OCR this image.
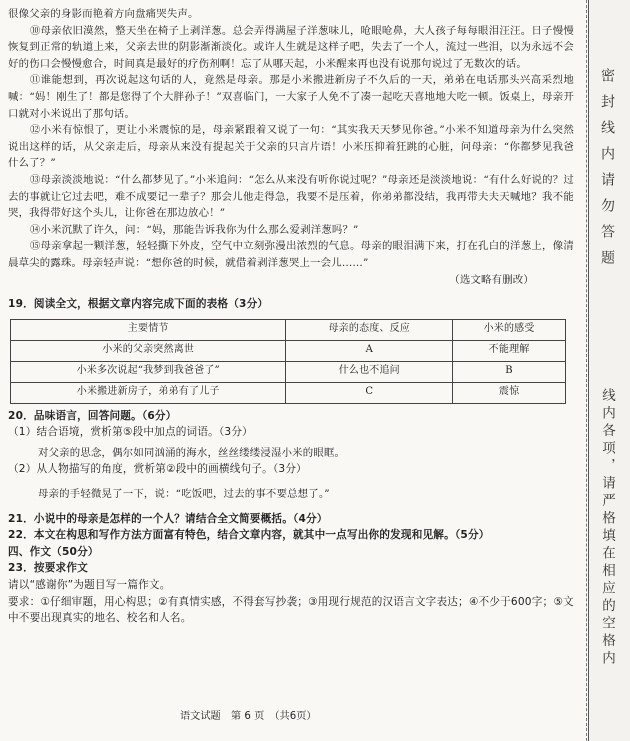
很像父亲的身影而艳着方向盘痛哭失声。

⑩母亲依旧漠然，整天坐在椅子上剥洋葱。总会弄得满屋子洋葱味儿，呛眼呛鼻，大人孩子每每眼泪汪汪。日子慢慢恢复到正常的轨道上来，父亲去世的阴影渐渐淡化。或许人生就是这样子吧，失去了一个人，流过一些泪，以为永远不会好的伤口会慢慢愈合，时间真是最好的疗伤剂啊！忘了从哪天起，小米醒来再也没有说那句说过了无数次的话。

⑪谁能想到，再次说起这句话的人，竟然是母亲。那是小米搬进新房子不久后的一天，弟弟在电话那头兴高采烈地喊：“妈！刚生了！都是您得了个大胖孙子！”双喜临门，一大家子人免不了凑一起吃天喜地地大吃一顿。饭桌上，母亲开口就对小米说出了那句话。

⑫小米有惊恨了，更让小米震惊的是，母亲紧跟着又说了一句：“其实我天天梦见你爸。”小米不知道母亲为什么突然说出这样的话，从父亲走后，母亲从来没有提起关于父亲的只言片语！小米压抑着狂跳的心脏，问母亲：“你都梦见我爸什么了？”

⑬母亲淡淡地说：“什么都梦见了。”小米追问：“怎么从来没有听你说过呢？”母亲还是淡淡地说：“有什么好说的？过去的事就让它过去吧，难不成要记一辈子？那会儿他走得急，我要不是压着，你弟弟都没结，我再带夫夫天喊地？我不能哭，我得带好这个头儿，让你爸在那边放心！”

⑭小米沉默了许久，问：“妈，那能告诉我你为什么那么爱剥洋葱吗？”

⑮母亲拿起一颗洋葱，轻轻撕下外皮，空气中立刻弥漫出浓烈的气息。母亲的眼泪满下来，打在孔白的洋葱上，像清晨草尖的露珠。母亲轻声说：“想你爸的时候，就借着剥洋葱哭上一会儿……”

（选文略有删改）

19．阅读全文，根据文章内容完成下面的表格（3分）

主要情节	母亲的态度、反应	小米的感受
小米的父亲突然离世	A	不能理解
小米多次说起“我梦到我爸爸了”	什么也不追问	B
小米搬进新房子，弟弟有了儿子	C	震惊

20．品味语言，回答问题。（6分）

（1）结合语境，赏析第⑤段中加点的词语。（3分）

对父亲的思念，偶尔如同汹涌的海水，丝丝缕缕浸湿小米的眼眶。

（2）从人物描写的角度，赏析第②段中的画横线句子。（3分）

母亲的手轻微晃了一下，说：“吃饭吧，过去的事不要总想了。”

21．小说中的母亲是怎样的一个人？请结合全文简要概括。（4分）

22．本文在构思和写作方法方面富有特色，结合文章内容，就其中一点写出你的发现和见解。（5分）

四、作文（50分）

23．按要求作文

请以“感谢你”为题目写一篇作文。

要求：①仔细审题，用心构思；②有真情实感，不得套写抄袭；③用现行规范的汉语言文字表达；④不少于600字；⑤文中不要出现真实的地名、校名和人名。

语文试题　第 6 页　（共6页）
密封线内请勿答题
线内各项，请严格填在相应的空格内
